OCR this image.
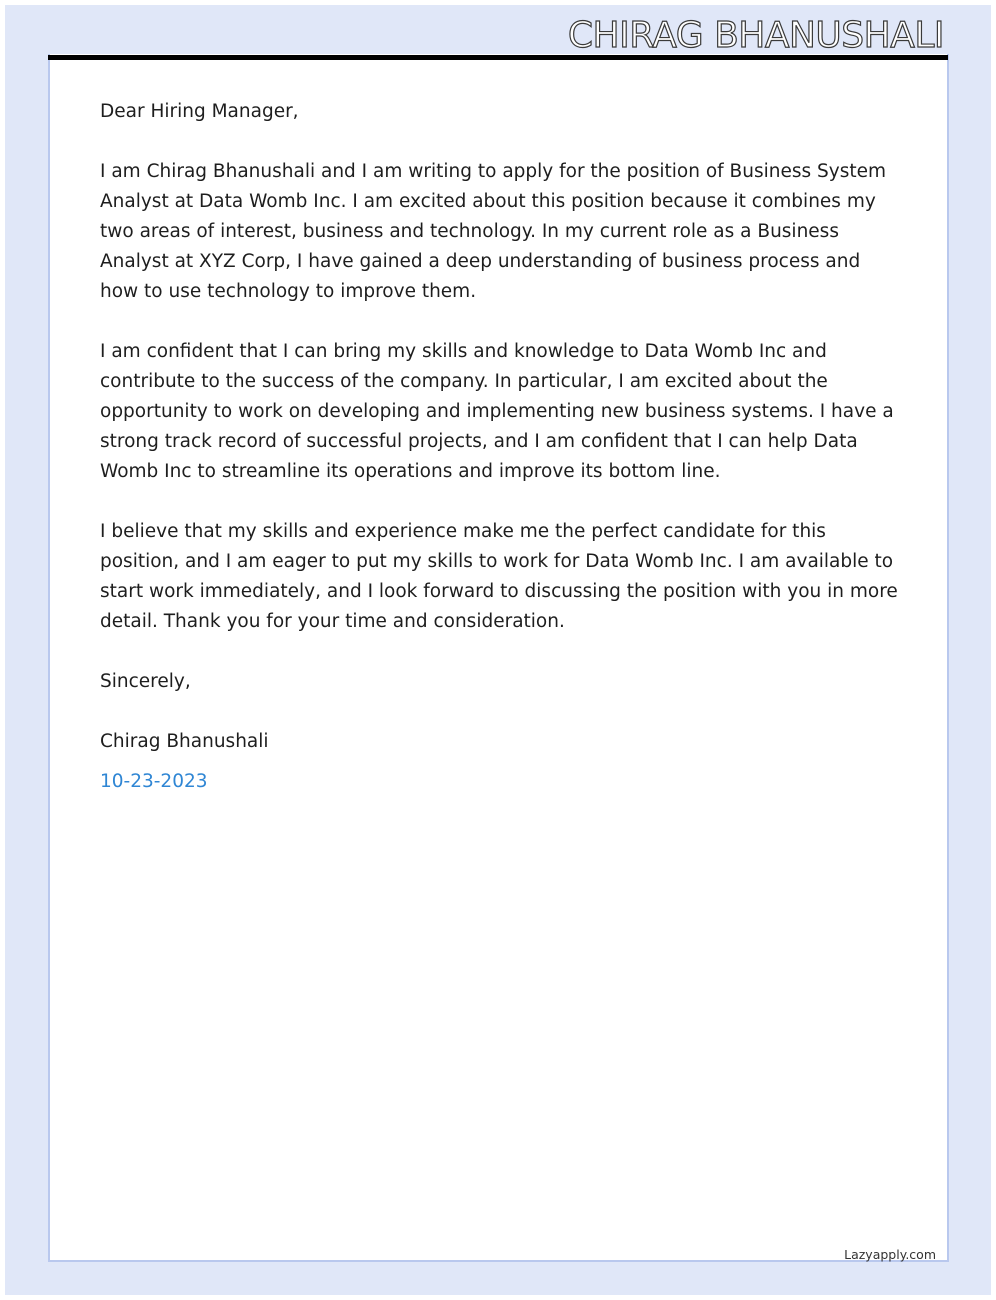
CHIRAG BHANUSHALI

Dear Hiring Manager,

I am Chirag Bhanushali and I am writing to apply for the position of Business System Analyst at Data Womb Inc. I am excited about this position because it combines my two areas of interest, business and technology. In my current role as a Business Analyst at XYZ Corp, I have gained a deep understanding of business process and how to use technology to improve them.

I am confident that I can bring my skills and knowledge to Data Womb Inc and contribute to the success of the company. In particular, I am excited about the opportunity to work on developing and implementing new business systems. I have a strong track record of successful projects, and I am confident that I can help Data Womb Inc to streamline its operations and improve its bottom line.

I believe that my skills and experience make me the perfect candidate for this position, and I am eager to put my skills to work for Data Womb Inc. I am available to start work immediately, and I look forward to discussing the position with you in more detail. Thank you for your time and consideration.

Sincerely,

Chirag Bhanushali

10-23-2023

Lazyapply.com
